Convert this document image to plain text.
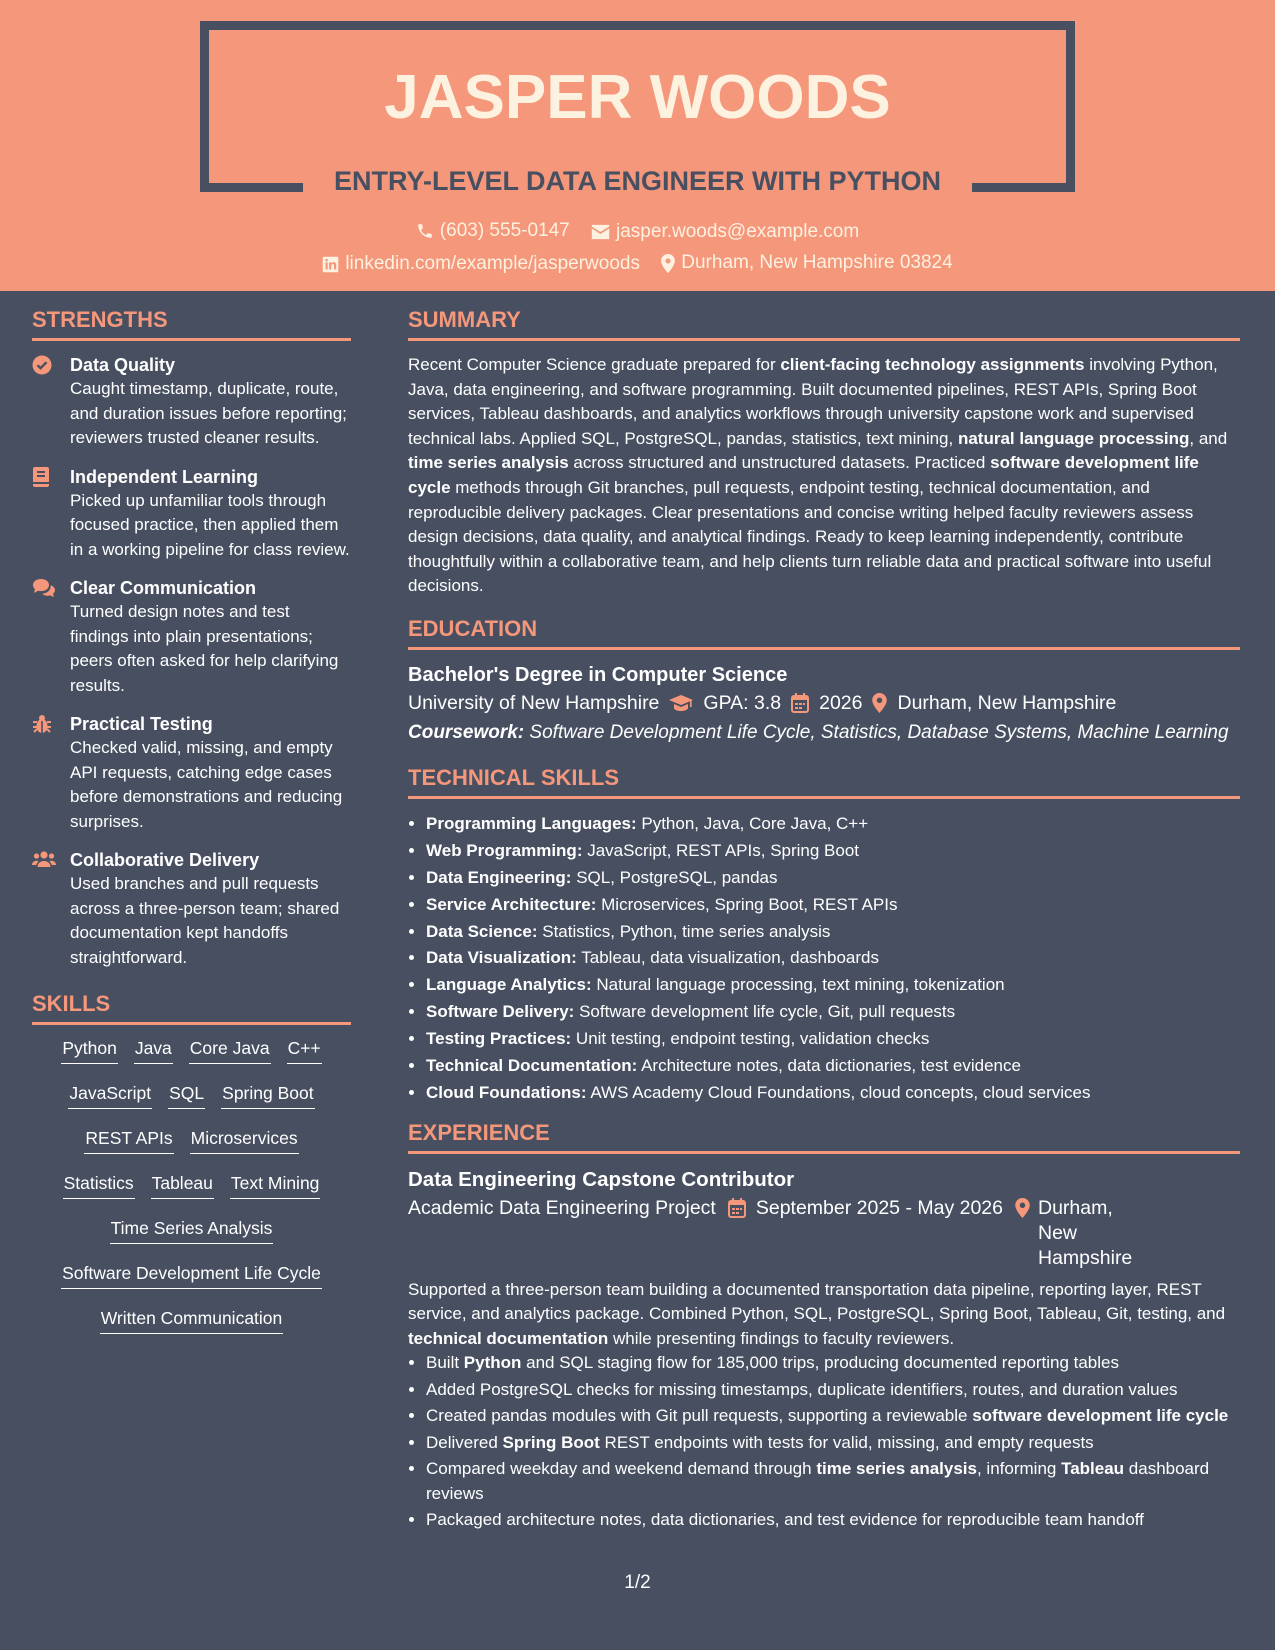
JASPER WOODS
ENTRY-LEVEL DATA ENGINEER WITH PYTHON
(603) 555-0147
jasper.woods@example.com
linkedin.com/example/jasperwoods
Durham, New Hampshire 03824
STRENGTHS
Data Quality
Caught timestamp, duplicate, route, and duration issues before reporting; reviewers trusted cleaner results.
Independent Learning
Picked up unfamiliar tools through focused practice, then applied them in a working pipeline for class review.
Clear Communication
Turned design notes and test findings into plain presentations; peers often asked for help clarifying results.
Practical Testing
Checked valid, missing, and empty API requests, catching edge cases before demonstrations and reducing surprises.
Collaborative Delivery
Used branches and pull requests across a three-person team; shared documentation kept handoffs straightforward.
SKILLS
Python Java Core Java C++
JavaScript SQL Spring Boot
REST APIs Microservices
Statistics Tableau Text Mining
Time Series Analysis
Software Development Life Cycle
Written Communication
SUMMARY
Recent Computer Science graduate prepared for client-facing technology assignments involving Python, Java, data engineering, and software programming. Built documented pipelines, REST APIs, Spring Boot services, Tableau dashboards, and analytics workflows through university capstone work and supervised technical labs. Applied SQL, PostgreSQL, pandas, statistics, text mining, natural language processing, and time series analysis across structured and unstructured datasets. Practiced software development life cycle methods through Git branches, pull requests, endpoint testing, technical documentation, and reproducible delivery packages. Clear presentations and concise writing helped faculty reviewers assess design decisions, data quality, and analytical findings. Ready to keep learning independently, contribute thoughtfully within a collaborative team, and help clients turn reliable data and practical software into useful decisions.
EDUCATION
Bachelor's Degree in Computer Science
University of New Hampshire GPA: 3.8 2026 Durham, New Hampshire
Coursework: Software Development Life Cycle, Statistics, Database Systems, Machine Learning
TECHNICAL SKILLS
• Programming Languages: Python, Java, Core Java, C++
• Web Programming: JavaScript, REST APIs, Spring Boot
• Data Engineering: SQL, PostgreSQL, pandas
• Service Architecture: Microservices, Spring Boot, REST APIs
• Data Science: Statistics, Python, time series analysis
• Data Visualization: Tableau, data visualization, dashboards
• Language Analytics: Natural language processing, text mining, tokenization
• Software Delivery: Software development life cycle, Git, pull requests
• Testing Practices: Unit testing, endpoint testing, validation checks
• Technical Documentation: Architecture notes, data dictionaries, test evidence
• Cloud Foundations: AWS Academy Cloud Foundations, cloud concepts, cloud services
EXPERIENCE
Data Engineering Capstone Contributor
Academic Data Engineering Project September 2025 - May 2026 Durham, New Hampshire
Supported a three-person team building a documented transportation data pipeline, reporting layer, REST service, and analytics package. Combined Python, SQL, PostgreSQL, Spring Boot, Tableau, Git, testing, and technical documentation while presenting findings to faculty reviewers.
• Built Python and SQL staging flow for 185,000 trips, producing documented reporting tables
• Added PostgreSQL checks for missing timestamps, duplicate identifiers, routes, and duration values
• Created pandas modules with Git pull requests, supporting a reviewable software development life cycle
• Delivered Spring Boot REST endpoints with tests for valid, missing, and empty requests
• Compared weekday and weekend demand through time series analysis, informing Tableau dashboard reviews
• Packaged architecture notes, data dictionaries, and test evidence for reproducible team handoff
1/2
